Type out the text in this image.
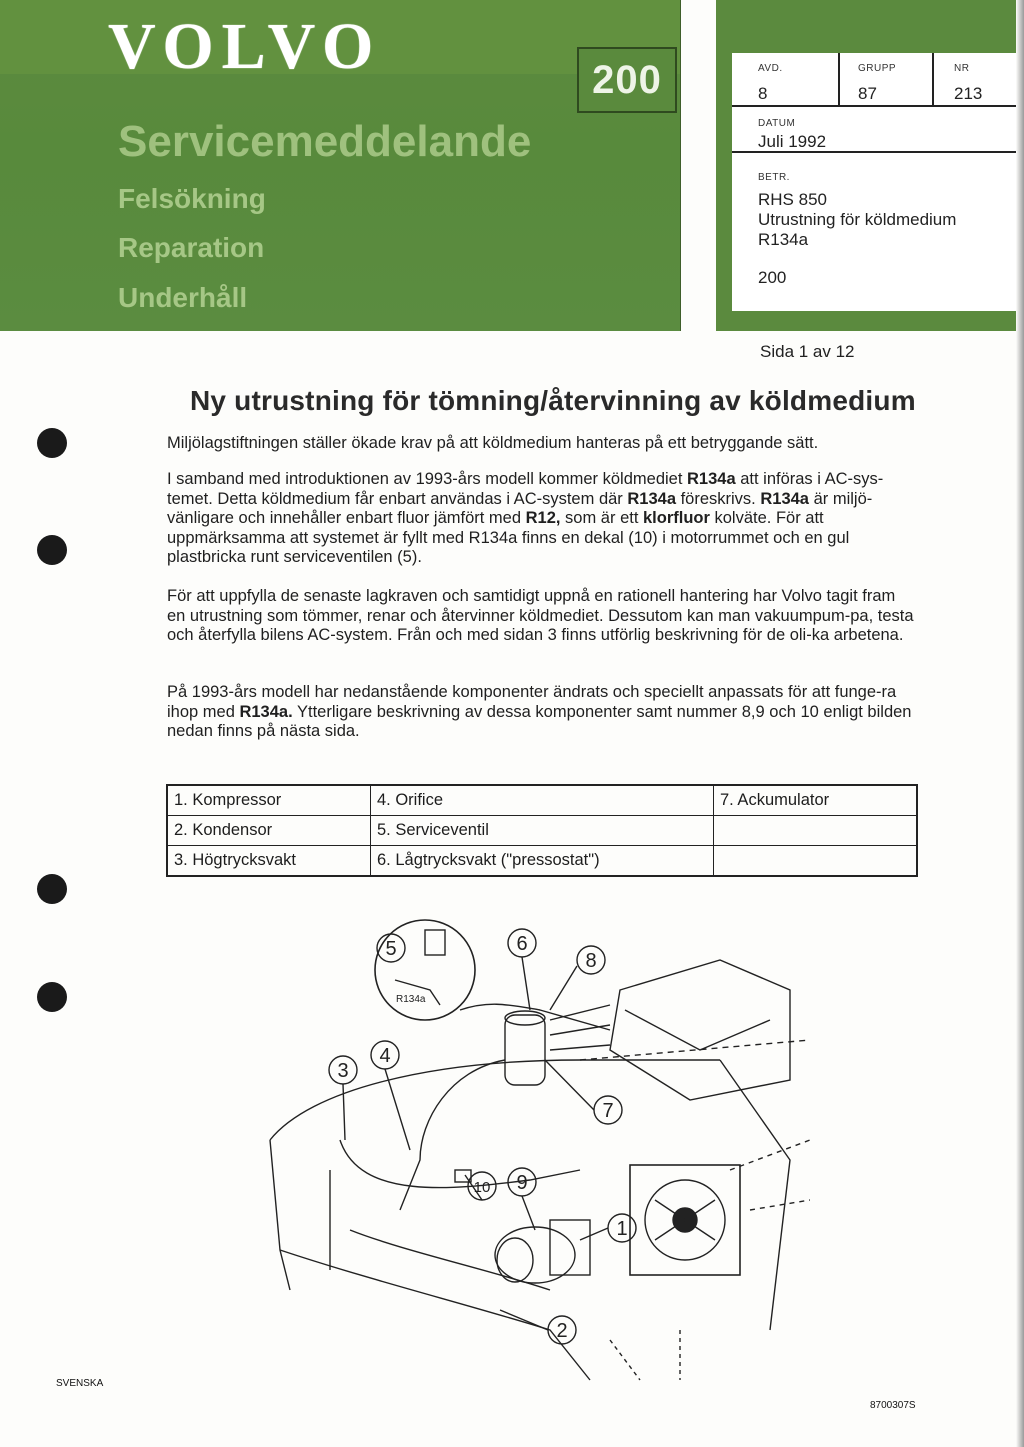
VOLVO	200
Servicemeddelande
Felsökning
Reparation
Underhåll
AVD.
8
GRUPP
87
NR
213
DATUM
Juli 1992
BETR.
RHS 850
Utrustning för köldmedium
R134a
200
Sida 1 av 12
Ny utrustning för tömning/återvinning av köldmedium
Miljölagstiftningen ställer ökade krav på att köldmedium hanteras på ett betryggande sätt.
I samband med introduktionen av 1993-års modell kommer köldmediet R134a att införas i AC-sys-temet. Detta köldmedium får enbart användas i AC-system där R134a föreskrivs. R134a är miljö-vänligare och innehåller enbart fluor jämfört med R12, som är ett klorfluor kolväte. För att uppmärksamma att systemet är fyllt med R134a finns en dekal (10) i motorrummet och en gul plastbricka runt serviceventilen (5).
För att uppfylla de senaste lagkraven och samtidigt uppnå en rationell hantering har Volvo tagit fram en utrustning som tömmer, renar och återvinner köldmediet. Dessutom kan man vakuumpum-pa, testa och återfylla bilens AC-system. Från och med sidan 3 finns utförlig beskrivning för de oli-ka arbetena.
På 1993-års modell har nedanstående komponenter ändrats och speciellt anpassats för att funge-ra ihop med R134a. Ytterligare beskrivning av dessa komponenter samt nummer 8,9 och 10 enligt bilden nedan finns på nästa sida.
1. Kompressor	4. Orifice	7. Ackumulator
2. Kondensor	5. Serviceventil	
3. Högtrycksvakt	6. Lågtrycksvakt ("pressostat")	
R134a
1
2
3
4
5	6
7
8
9
10
SVENSKA
8700307S
